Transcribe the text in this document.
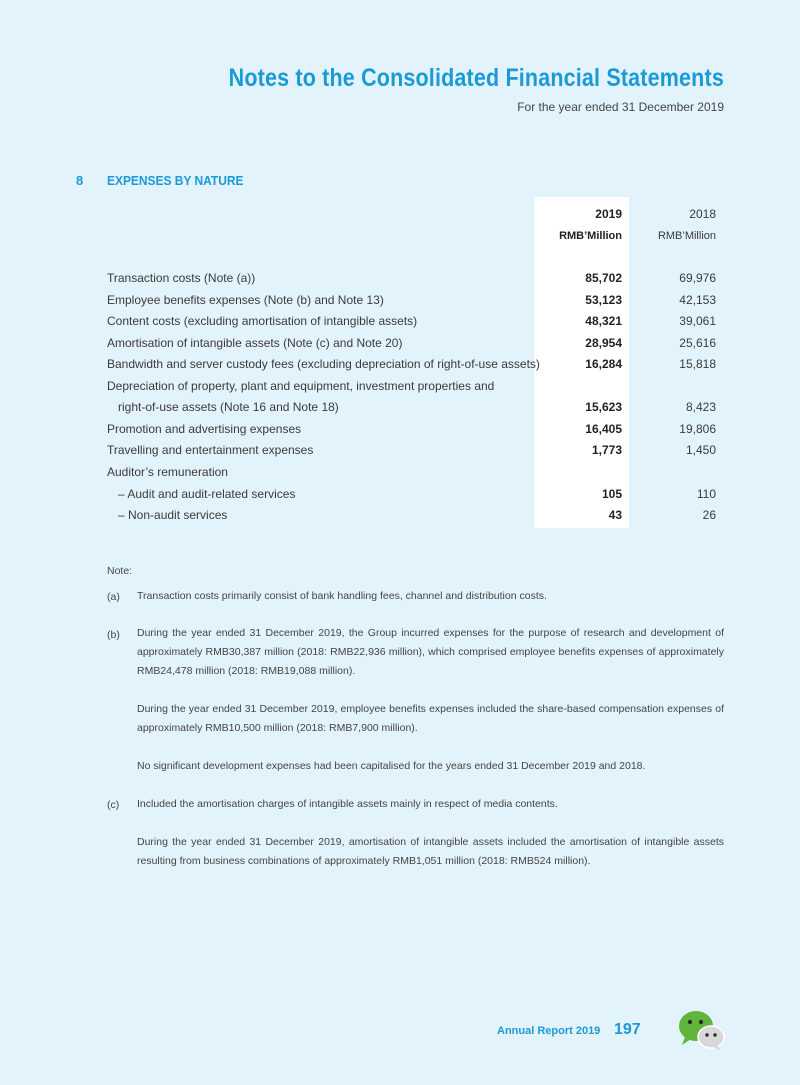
Notes to the Consolidated Financial Statements
For the year ended 31 December 2019
8 EXPENSES BY NATURE
2019	2018
RMB’Million	RMB’Million
Transaction costs (Note (a))	85,702	69,976
Employee benefits expenses (Note (b) and Note 13)	53,123	42,153
Content costs (excluding amortisation of intangible assets)	48,321	39,061
Amortisation of intangible assets (Note (c) and Note 20)	28,954	25,616
Bandwidth and server custody fees (excluding depreciation of right-of-use assets)	16,284	15,818
Depreciation of property, plant and equipment, investment properties and
right-of-use assets (Note 16 and Note 18)	15,623	8,423
Promotion and advertising expenses	16,405	19,806
Travelling and entertainment expenses	1,773	1,450
Auditor’s remuneration
– Audit and audit-related services	105	110
– Non-audit services	43	26
Note:
(a) Transaction costs primarily consist of bank handling fees, channel and distribution costs.
(b) During the year ended 31 December 2019, the Group incurred expenses for the purpose of research and development of approximately RMB30,387 million (2018: RMB22,936 million), which comprised employee benefits expenses of approximately RMB24,478 million (2018: RMB19,088 million).
During the year ended 31 December 2019, employee benefits expenses included the share-based compensation expenses of approximately RMB10,500 million (2018: RMB7,900 million).
No significant development expenses had been capitalised for the years ended 31 December 2019 and 2018.
(c) Included the amortisation charges of intangible assets mainly in respect of media contents.
During the year ended 31 December 2019, amortisation of intangible assets included the amortisation of intangible assets resulting from business combinations of approximately RMB1,051 million (2018: RMB524 million).
Annual Report 2019 197
